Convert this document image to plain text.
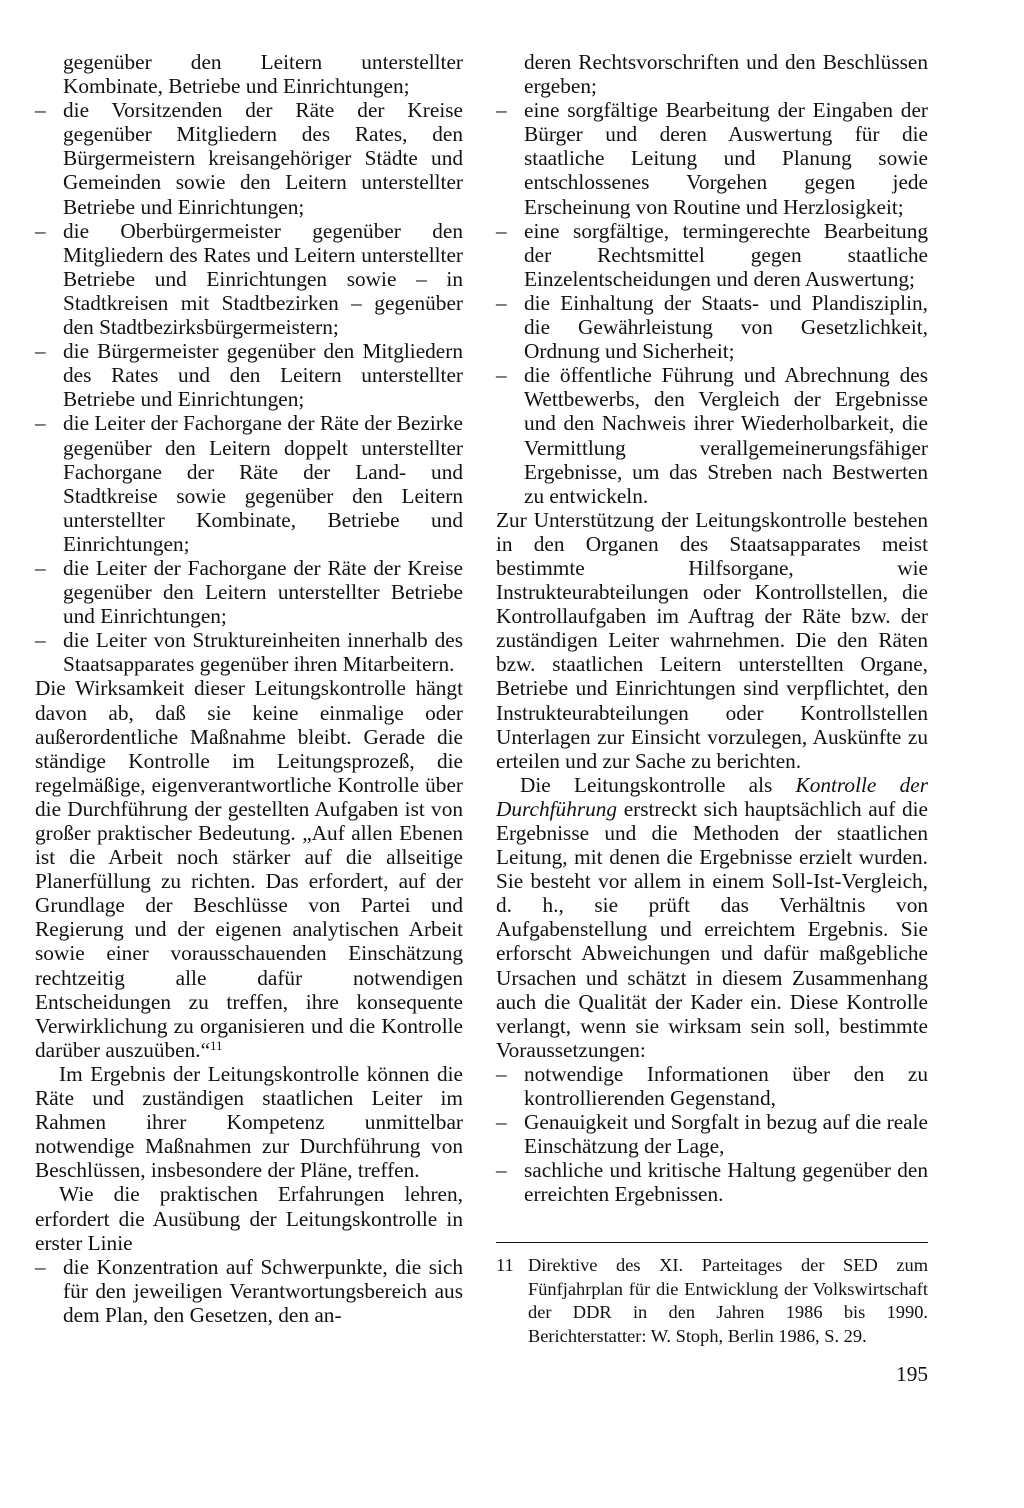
gegenüber den Leitern unterstellter Kombinate, Betriebe und Einrichtungen;

– die Vorsitzenden der Räte der Kreise gegenüber Mitgliedern des Rates, den Bürgermeistern kreisangehöriger Städte und Gemeinden sowie den Leitern unterstellter Betriebe und Einrichtungen;
– die Oberbürgermeister gegenüber den Mitgliedern des Rates und Leitern unterstellter Betriebe und Einrichtungen sowie – in Stadtkreisen mit Stadtbezirken – gegenüber den Stadtbezirksbürgermeistern;
– die Bürgermeister gegenüber den Mitgliedern des Rates und den Leitern unterstellter Betriebe und Einrichtungen;
– die Leiter der Fachorgane der Räte der Bezirke gegenüber den Leitern doppelt unterstellter Fachorgane der Räte der Land- und Stadtkreise sowie gegenüber den Leitern unterstellter Kombinate, Betriebe und Einrichtungen;
– die Leiter der Fachorgane der Räte der Kreise gegenüber den Leitern unterstellter Betriebe und Einrichtungen;
– die Leiter von Struktureinheiten innerhalb des Staatsapparates gegenüber ihren Mitarbeitern.

Die Wirksamkeit dieser Leitungskontrolle hängt davon ab, daß sie keine einmalige oder außerordentliche Maßnahme bleibt. Gerade die ständige Kontrolle im Leitungsprozeß, die regelmäßige, eigenverantwortliche Kontrolle über die Durchführung der gestellten Aufgaben ist von großer praktischer Bedeutung. „Auf allen Ebenen ist die Arbeit noch stärker auf die allseitige Planerfüllung zu richten. Das erfordert, auf der Grundlage der Beschlüsse von Partei und Regierung und der eigenen analytischen Arbeit sowie einer vorausschauenden Einschätzung rechtzeitig alle dafür notwendigen Entscheidungen zu treffen, ihre konsequente Verwirklichung zu organisieren und die Kontrolle darüber auszuüben.“$^{11}$

Im Ergebnis der Leitungskontrolle können die Räte und zuständigen staatlichen Leiter im Rahmen ihrer Kompetenz unmittelbar notwendige Maßnahmen zur Durchführung von Beschlüssen, insbesondere der Pläne, treffen.

Wie die praktischen Erfahrungen lehren, erfordert die Ausübung der Leitungskontrolle in erster Linie

– die Konzentration auf Schwerpunkte, die sich für den jeweiligen Verantwortungsbereich aus dem Plan, den Gesetzen, den an-

deren Rechtsvorschriften und den Beschlüssen ergeben;

– eine sorgfältige Bearbeitung der Eingaben der Bürger und deren Auswertung für die staatliche Leitung und Planung sowie entschlossenes Vorgehen gegen jede Erscheinung von Routine und Herzlosigkeit;
– eine sorgfältige, termingerechte Bearbeitung der Rechtsmittel gegen staatliche Einzelentscheidungen und deren Auswertung;
– die Einhaltung der Staats- und Plandisziplin, die Gewährleistung von Gesetzlichkeit, Ordnung und Sicherheit;
– die öffentliche Führung und Abrechnung des Wettbewerbs, den Vergleich der Ergebnisse und den Nachweis ihrer Wiederholbarkeit, die Vermittlung verallgemeinerungsfähiger Ergebnisse, um das Streben nach Bestwerten zu entwickeln.

Zur Unterstützung der Leitungskontrolle bestehen in den Organen des Staatsapparates meist bestimmte Hilfsorgane, wie Instrukteurabteilungen oder Kontrollstellen, die Kontrollaufgaben im Auftrag der Räte bzw. der zuständigen Leiter wahrnehmen. Die den Räten bzw. staatlichen Leitern unterstellten Organe, Betriebe und Einrichtungen sind verpflichtet, den Instrukteurabteilungen oder Kontrollstellen Unterlagen zur Einsicht vorzulegen, Auskünfte zu erteilen und zur Sache zu berichten.

Die Leitungskontrolle als Kontrolle der Durchführung erstreckt sich hauptsächlich auf die Ergebnisse und die Methoden der staatlichen Leitung, mit denen die Ergebnisse erzielt wurden. Sie besteht vor allem in einem Soll-Ist-Vergleich, d. h., sie prüft das Verhältnis von Aufgabenstellung und erreichtem Ergebnis. Sie erforscht Abweichungen und dafür maßgebliche Ursachen und schätzt in diesem Zusammenhang auch die Qualität der Kader ein. Diese Kontrolle verlangt, wenn sie wirksam sein soll, bestimmte Voraussetzungen:

– notwendige Informationen über den zu kontrollierenden Gegenstand,
– Genauigkeit und Sorgfalt in bezug auf die reale Einschätzung der Lage,
– sachliche und kritische Haltung gegenüber den erreichten Ergebnissen.
11 Direktive des XI. Parteitages der SED zum Fünfjahrplan für die Entwicklung der Volkswirtschaft der DDR in den Jahren 1986 bis 1990. Berichterstatter: W. Stoph, Berlin 1986, S. 29.
195
